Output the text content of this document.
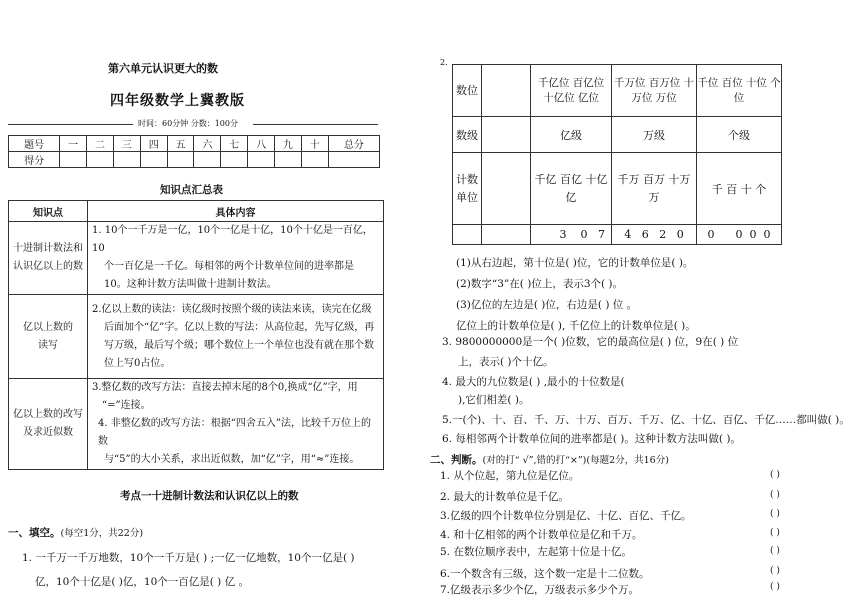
第六单元认识更大的数
四年级数学上冀教版
时间：60分钟 分数：100分
题号	一	二	三	四	五	六	七	八	九	十	总分
得分											
知识点汇总表
知识点	具体内容
十进制计数法和认识亿以上的数	1. 10个一千万是一亿，10个一亿是十亿，10个十亿是一百亿，10
个一百亿是一千亿。每相邻的两个计数单位间的进率都是
10。这种计数方法叫做十进制计数法。

亿以上数的读写	2.亿以上数的读法：读亿级时按照个级的读法来读，读完在亿级
后面加个“亿”字。亿以上数的写法：从高位起，先写亿级，再
写万级，最后写个级；哪个数位上一个单位也没有就在那个数
位上写0占位。

亿以上数的改写及求近似数	3.整亿数的改写方法：直接去掉末尾的8个0,换成“亿”字，用
“=”连接。
4. 非整亿数的改写方法：根据“四舍五入”法，比较千万位上的数
与“5”的大小关系，求出近似数，加“亿”字，用“≈”连接。
考点一十进制计数法和认识亿以上的数
一、填空。(每空1分，共22分)
1. 一千万一千万地数，10个一千万是( ) ;一亿一亿地数，10个一亿是( )
亿，10个十亿是( )亿，10个一百亿是( ) 亿 。
2.
数位		千亿位 百亿位 十亿位 亿位	千万位 百万位 十万位 万位	千位 百位 十位 个位
数级		亿级	万级	个级
计数单位		千亿 百亿 十亿 亿	千万 百万 十万 万	千 百 十 个
		3 0 7	4 6 2 0	0 0 0  0
(1)从右边起，第十位是( )位，它的计数单位是( )。
(2)数字“3”在( )位上，表示3个( )。
(3)亿位的左边是( )位，右边是( ) 位 。
亿位上的计数单位是( ), 千亿位上的计数单位是( )。
3. 9800000000是一个( )位数，它的最高位是( ) 位，9在( ) 位
上，表示( )个十亿。
4. 最大的九位数是( ) ,最小的十位数是(
),它们相差( )。
5.一(个)、十、百、千、万、十万、百万、千万、亿、十亿、百亿、千亿……都叫做( )。
6. 每相邻两个计数单位间的进率都是( )。这种计数方法叫做( )。
二、判断。(对的打“ √”,错的打“×”)(每题2分，共16分)
1. 从个位起，第九位是亿位。
2. 最大的计数单位是千亿。
3.亿级的四个计数单位分别是亿、十亿、百亿、千亿。
4. 和十亿相邻的两个计数单位是亿和千万。
5. 在数位顺序表中，左起第十位是十亿。
6.一个数含有三级，这个数一定是十二位数。
7.亿级表示多少个亿，万级表示多少个万。
( )
( )
( )
( )
( )
( )
( )
